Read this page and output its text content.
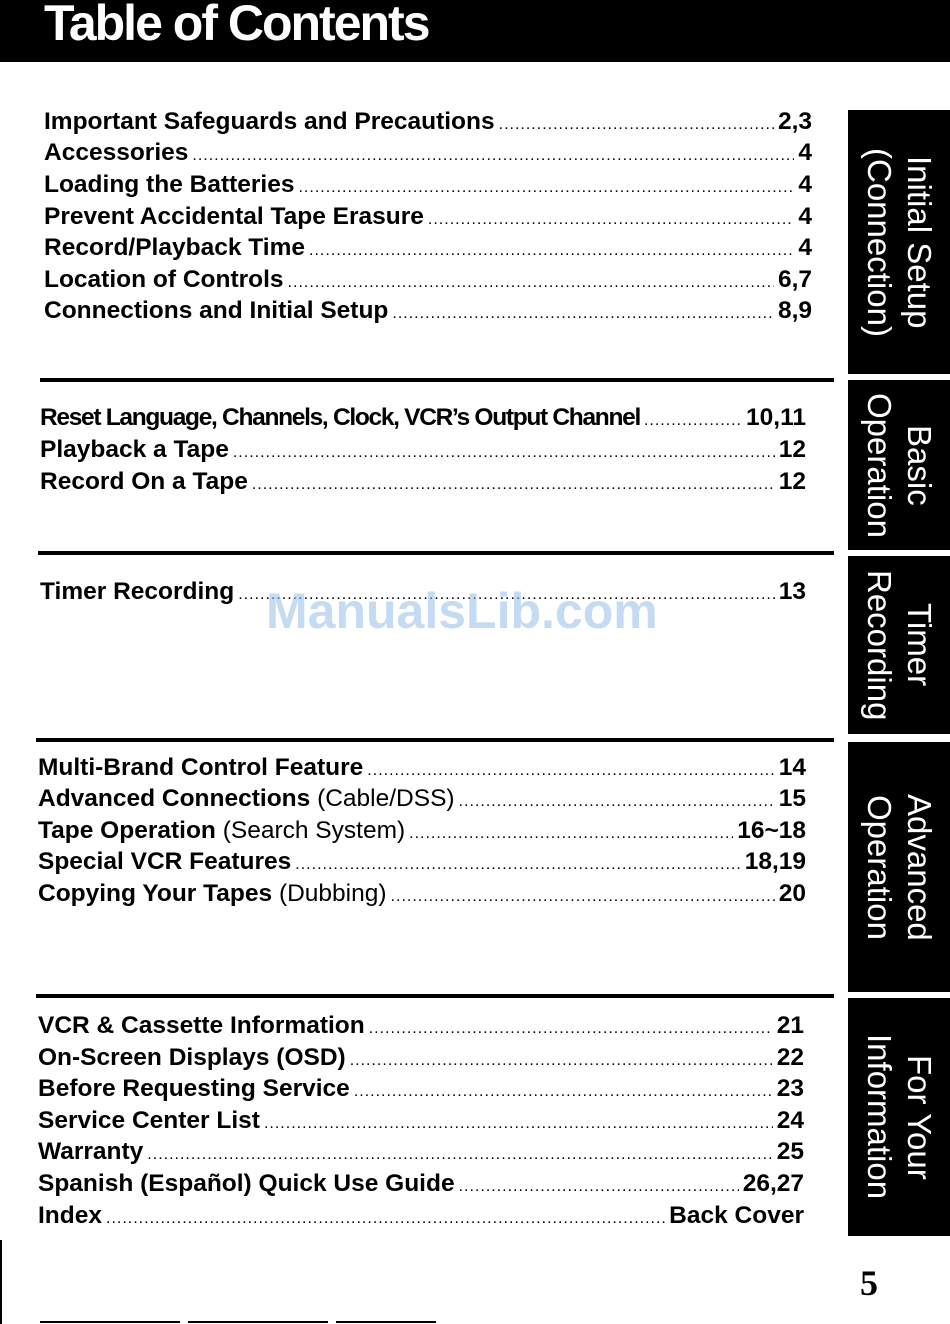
Table of Contents
Important Safeguards and Precautions .....	2,3
Accessories .....	4
Loading the Batteries .....	4
Prevent Accidental Tape Erasure .....	4
Record/Playback Time .....	4
Location of Controls .....	6,7
Connections and Initial Setup .....	8,9
Reset Language, Channels, Clock, VCR’s Output Channel .....	10,11
Playback a Tape .....	12
Record On a Tape .....	12
Timer Recording .....	13
Multi-Brand Control Feature .....	14
Advanced Connections (Cable/DSS) .....	15
Tape Operation (Search System) .....	16~18
Special VCR Features .....	18,19
Copying Your Tapes (Dubbing) .....	20
VCR & Cassette Information .....	21
On-Screen Displays (OSD) .....	22
Before Requesting Service .....	23
Service Center List .....	24
Warranty .....	25
Spanish (Español) Quick Use Guide .....	26,27
Index .....	Back Cover
ManualsLib.com
Initial Setup
(Connection)
Basic
Operation
Timer
Recording
Advanced
Operation
For Your
Information
5
